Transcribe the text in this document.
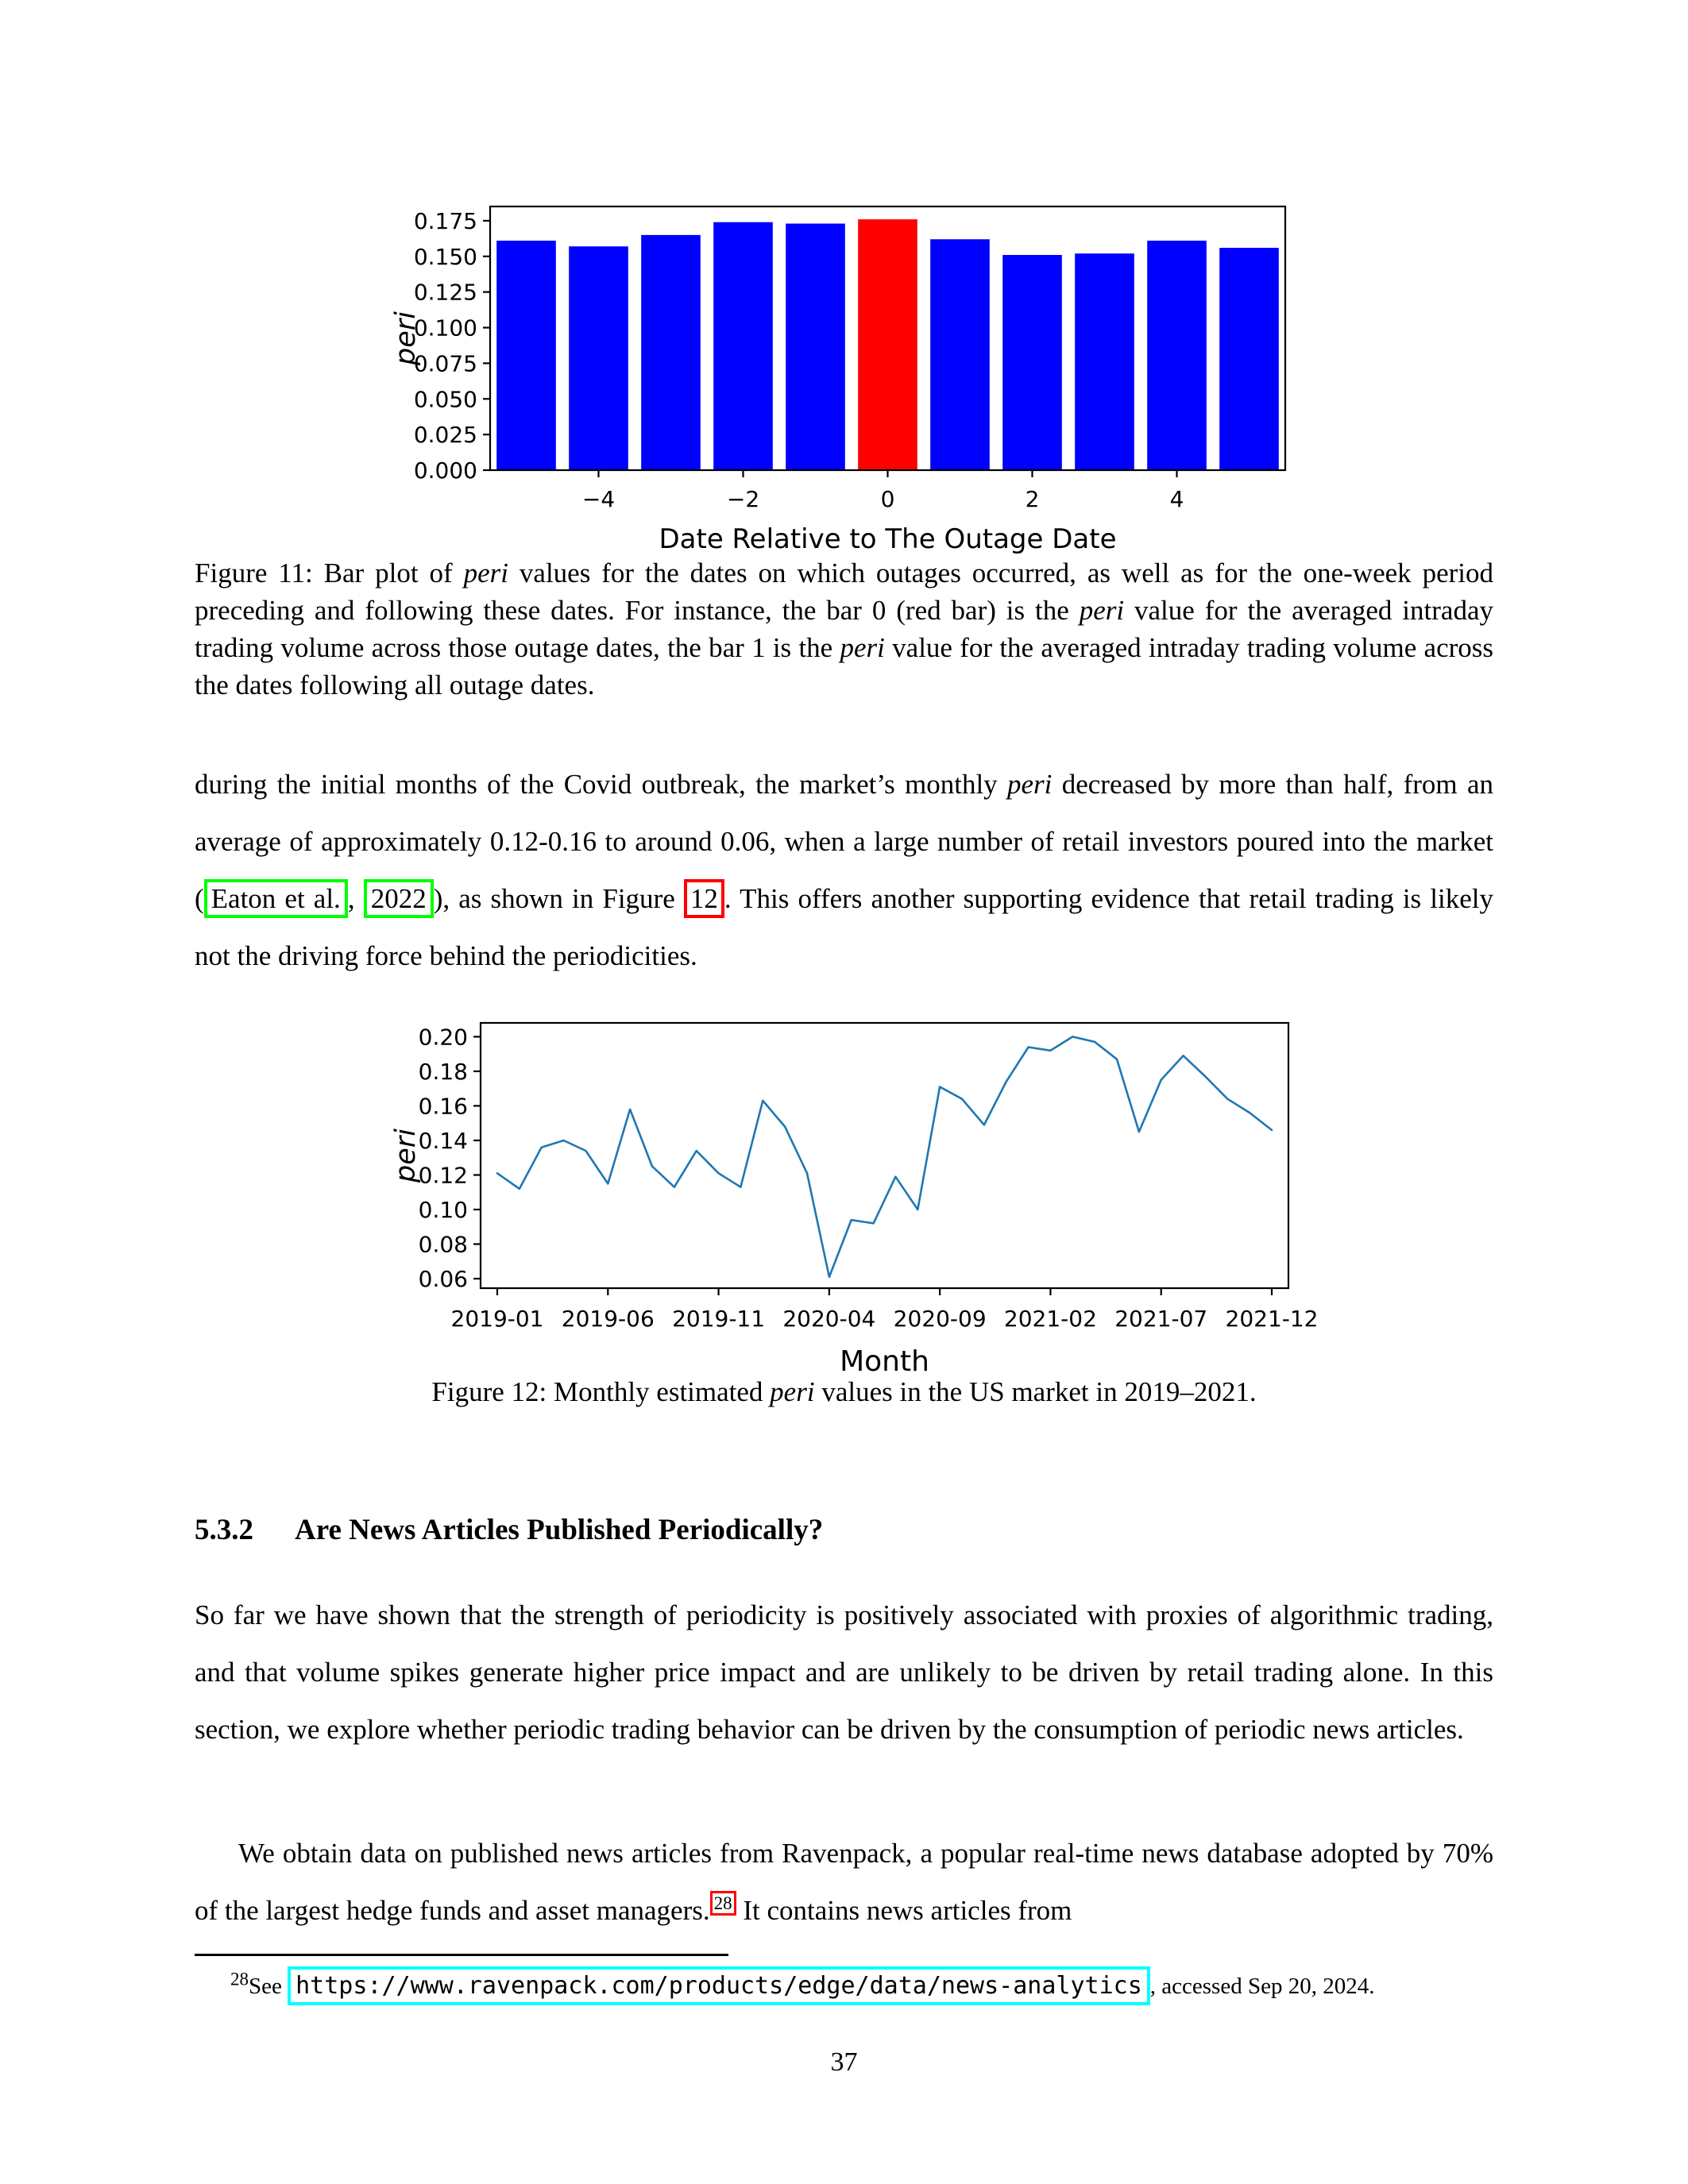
0.000
0.025
0.050
0.075
0.100
0.125
0.150
0.175
−4	−2	0	2	4
Date Relative to The Outage Date
peri
Figure 11: Bar plot of peri values for the dates on which outages occurred, as well as for the one-week period preceding and following these dates. For instance, the bar 0 (red bar) is the peri value for the averaged intraday trading volume across those outage dates, the bar 1 is the peri value for the averaged intraday trading volume across the dates following all outage dates.
during the initial months of the Covid outbreak, the market’s monthly peri decreased by more than half, from an average of approximately 0.12-0.16 to around 0.06, when a large number of retail investors poured into the market ( Eaton et al. , 2022 ), as shown in Figure 12 . This offers another supporting evidence that retail trading is likely not the driving force behind the periodicities.
0.06
0.08
0.10
0.12
0.14
0.16
0.18
0.20
2019-01 2019-06 2019-11 2020-04 2020-09 2021-02 2021-07 2021-12
Month
peri
Figure 12: Monthly estimated peri values in the US market in 2019–2021.
5.3.2 Are News Articles Published Periodically?
So far we have shown that the strength of periodicity is positively associated with proxies of algorithmic trading, and that volume spikes generate higher price impact and are unlikely to be driven by retail trading alone. In this section, we explore whether periodic trading behavior can be driven by the consumption of periodic news articles.
We obtain data on published news articles from Ravenpack, a popular real-time news database adopted by 70% of the largest hedge funds and asset managers. $^{28}$ It contains news articles from
$^{28}$See https://www.ravenpack.com/products/edge/data/news-analytics , accessed Sep 20, 2024.
37
